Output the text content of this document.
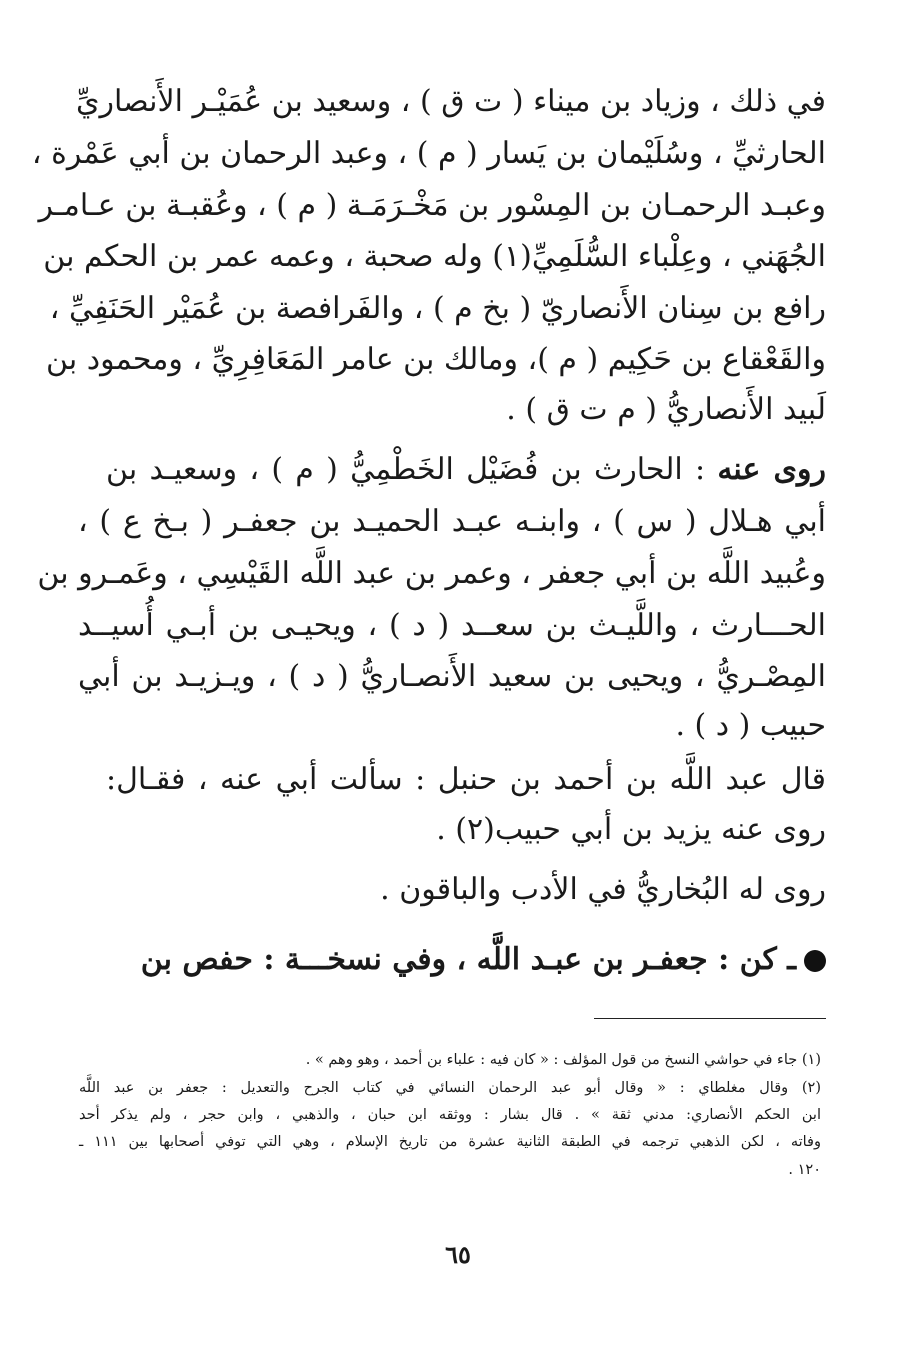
في ذلك ، وزياد بن ميناء ( ت ق ) ، وسعيد بن عُمَيْـر الأَنصاريِّ
الحارثيِّ ، وسُلَيْمان بن يَسار ( م ) ، وعبد الرحمان بن أبي عَمْرة ،
وعبـد الرحمـان بن المِسْور بن مَخْـرَمَـة ( م ) ، وعُقبـة بن عـامـر
الجُهَني ، وعِلْباء السُّلَمِيِّ(١) وله صحبة ، وعمه عمر بن الحكم بن
رافع بن سِنان الأَنصاريّ ( بخ م ) ، والفَرافصة بن عُمَيْر الحَنَفِيِّ ،
والقَعْقاع بن حَكِيم ( م )، ومالك بن عامر المَعَافِرِيِّ ، ومحمود بن
لَبيد الأَنصاريُّ ( م ت ق ) .
روى عنه : الحارث بن فُضَيْل الخَطْمِيُّ ( م ) ، وسعيـد بن
أبي هـلال ( س ) ، وابنـه عبـد الحميـد بن جعفـر ( بـخ ع ) ،
وعُبيد اللَّه بن أبي جعفر ، وعمر بن عبد اللَّه القَيْسِي ، وعَمـرو بن
الحـــارث ، واللَّيـث بن سعــد ( د ) ، ويحيـى بن أبـي أُسيــد
المِصْـريُّ ، ويحيى بن سعيد الأَنصـاريُّ ( د ) ، ويـزيـد بن أبي
حبيب ( د ) .
قال عبد اللَّه بن أحمد بن حنبل : سألت أبي عنه ، فقـال:
روى عنه يزيد بن أبي حبيب(٢) .
روى له البُخاريُّ في الأدب والباقون .
ـ كن : جعفـر بن عبـد اللَّه ، وفي نسخـــة : حفص بن
(١) جاء في حواشي النسخ من قول المؤلف : « كان فيه : علباء بن أحمد ، وهو وهم » .
(٢) وقال مغلطاي : « وقال أبو عبد الرحمان النسائي في كتاب الجرح والتعديل : جعفر بن عبد اللَّه
ابن الحكم الأنصاري: مدني ثقة » . قال بشار : ووثقه ابن حبان ، والذهبي ، وابن حجر ، ولم يذكر أحد
وفاته ، لكن الذهبي ترجمه في الطبقة الثانية عشرة من تاريخ الإسلام ، وهي التي توفي أصحابها بين ١١١ ـ
١٢٠ .
٦٥
